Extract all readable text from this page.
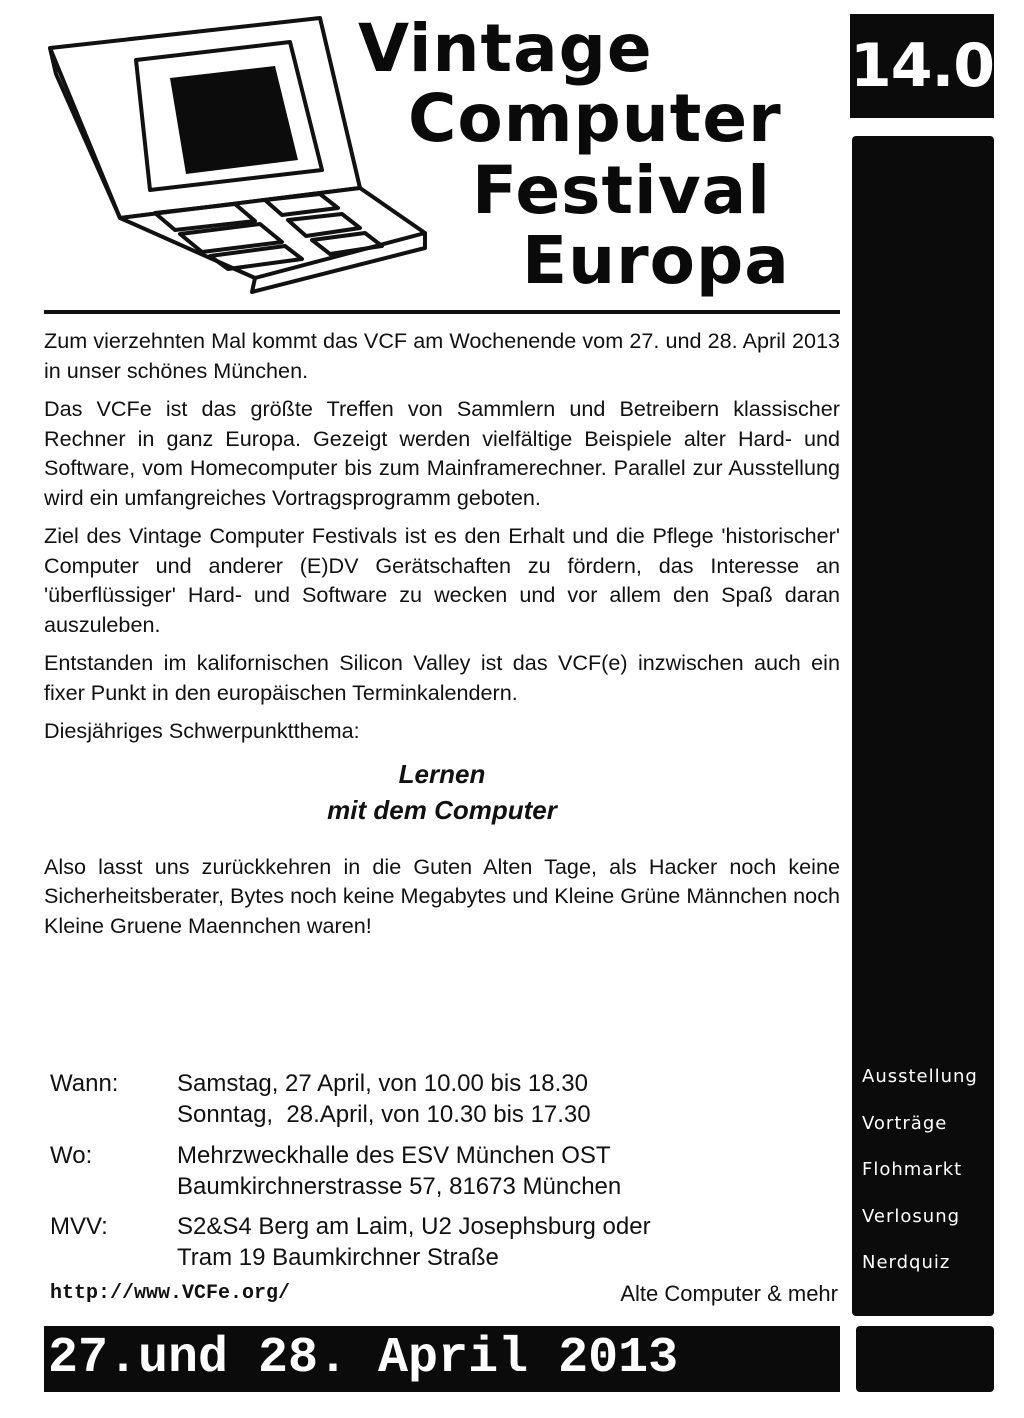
Vintage
Computer
Festival
Europa
14.0
Ausstellung
Vorträge
Flohmarkt
Verlosung
Nerdquiz

Zum vierzehnten Mal kommt das VCF am Wochenende vom 27. und 28. April 2013 in unser schönes München.

Das VCFe ist das größte Treffen von Sammlern und Betreibern klassischer Rechner in ganz Europa. Gezeigt werden vielfältige Beispiele alter Hard- und Software, vom Homecomputer bis zum Mainframerechner. Parallel zur Ausstellung wird ein umfangreiches Vortragsprogramm geboten.

Ziel des Vintage Computer Festivals ist es den Erhalt und die Pflege 'historischer' Computer und anderer (E)DV Gerätschaften zu fördern, das Interesse an 'überflüssiger' Hard- und Software zu wecken und vor allem den Spaß daran auszuleben.

Entstanden im kalifornischen Silicon Valley ist das VCF(e) inzwischen auch ein fixer Punkt in den europäischen Terminkalendern.

Diesjähriges Schwerpunktthema:

Lernen
mit dem Computer

Also lasst uns zurückkehren in die Guten Alten Tage, als Hacker noch keine Sicherheitsberater, Bytes noch keine Megabytes und Kleine Grüne Männchen noch Kleine Gruene Maennchen waren!

Wann: Samstag, 27 April, von 10.00 bis 18.30
Sonntag,  28.April, von 10.30 bis 17.30
Wo:	Mehrzweckhalle des ESV München OST
Baumkirchnerstrasse 57, 81673 München
MVV:	S2&S4 Berg am Laim, U2 Josephsburg oder
Tram 19 Baumkirchner Straße
http://www.VCFe.org/	Alte Computer & mehr
27.und 28. April 2013
